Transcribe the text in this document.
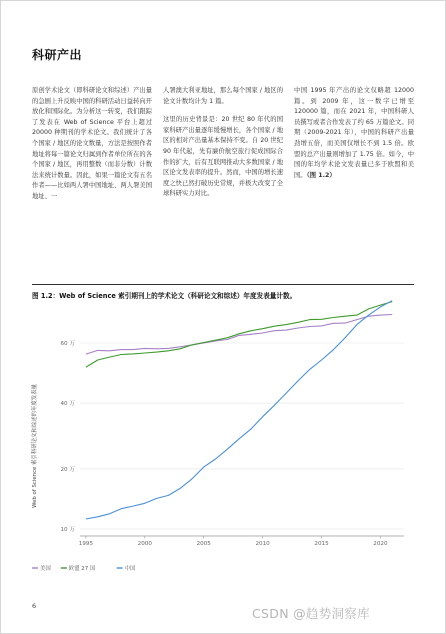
科研产出

原创学术论文（即科研论文和综述）产出量的急剧上升反映中国的科研活动日益转向开放化和国际化。为分析这一转变，我们跟踪了发表在 Web of Science 平台上超过 20000 种期刊的学术论文。我们统计了各个国家 / 地区的论文数量，方法是按照作者地址将每一篇论文归属到作者单位所在的各个国家 / 地区，再用整数（而非分数）计数法来统计数量。因此，如果一篇论文有五名作者——比如两人署中国地址、两人署美国地址、一

人署澳大利亚地址，那么每个国家 / 地区的论文计数均计为 1 篇。

这里的历史背景是：20 世纪 80 年代的国家科研产出量逐年缓慢增长，各个国家 / 地区的相对产出量基本保持不变。自 20 世纪 90 年代起，先有廉价航空旅行促成国际合作的扩大，后有互联网推动大多数国家 / 地区论文发表率的提升。然而，中国的增长速度之快已然打破历史常规，并极大改变了全球科研实力对比。

中国 1995 年产出的论文仅略超 12000 篇。到 2009 年，这一数字已增至 120000 篇，而在 2021 年，中国科研人员撰写或者合作发表了约 65 万篇论文。同期（2009-2021 年），中国的科研产出量劲增五倍，而美国仅增长不到 1.5 倍。欧盟的总产出量则增加了 1.75 倍。如今，中国的年均学术论文发表量已多于欧盟和美国。（图 1.2）

图 1.2：Web of Science 索引期刊上的学术论文（科研论文和综述）年度发表量计数。
Web of Science 索引科研论文和综述的年度发表量
10 万
20 万
40 万
60 万
1995	2000	2005	2010	2015	2020
美国	欧盟 27 国	中国
6	CSDN @趋势洞察库
